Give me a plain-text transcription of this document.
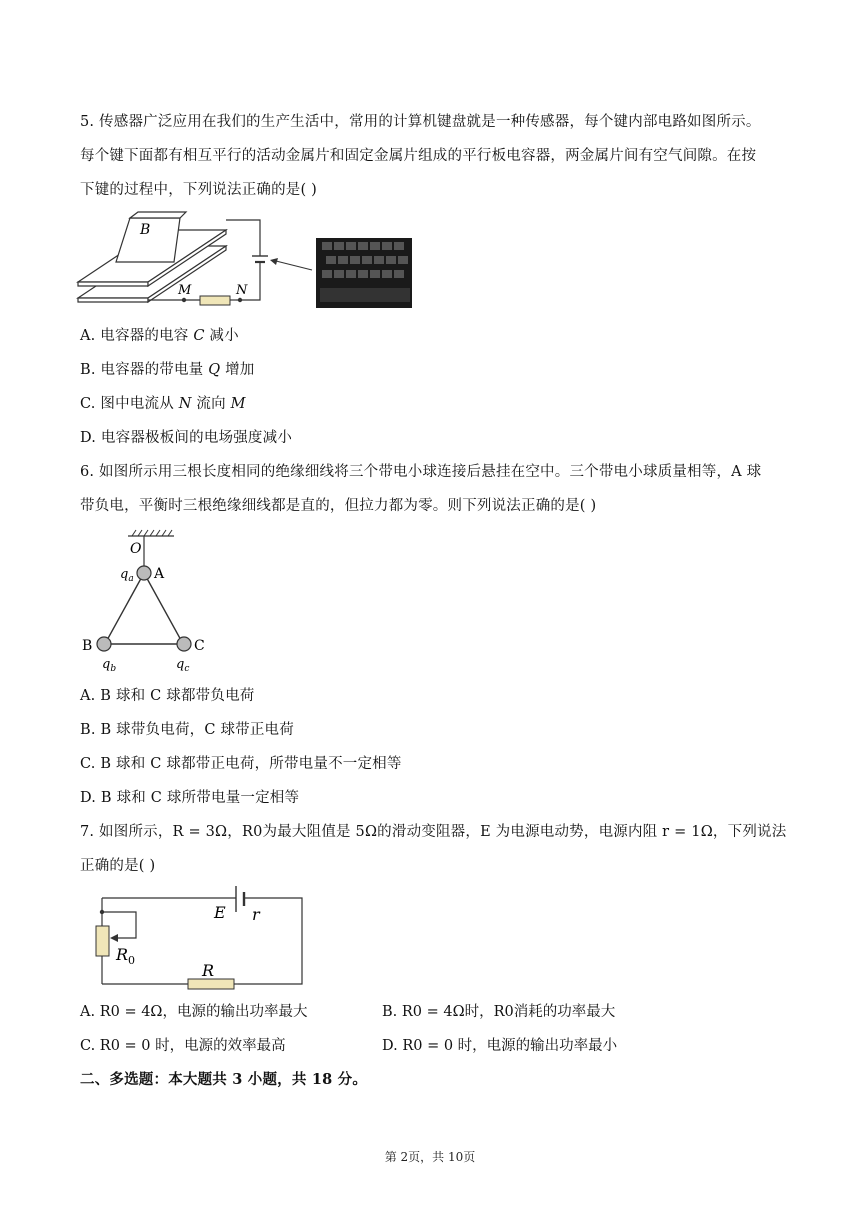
5. 传感器广泛应用在我们的生产生活中，常用的计算机键盘就是一种传感器，每个键内部电路如图所示。
每个键下面都有相互平行的活动金属片和固定金属片组成的平行板电容器，两金属片间有空气间隙。在按
下键的过程中，下列说法正确的是( )
B
M	N
A. 电容器的电容 C 减小
B. 电容器的带电量 Q 增加
C. 图中电流从 N 流向 M
D. 电容器极板间的电场强度减小
6. 如图所示用三根长度相同的绝缘细线将三个带电小球连接后悬挂在空中。三个带电小球质量相等，A 球
带负电，平衡时三根绝缘细线都是直的，但拉力都为零。则下列说法正确的是( )
O
A
B	C
$q_a$
$q_b$	$q_c$
A. B 球和 C 球都带负电荷
B. B 球带负电荷，C 球带正电荷
C. B 球和 C 球都带正电荷，所带电量不一定相等
D. B 球和 C 球所带电量一定相等
7. 如图所示，R = 3Ω，R0为最大阻值是 5Ω的滑动变阻器，E 为电源电动势，电源内阻 r = 1Ω，下列说法
正确的是( )
E r
$R_0$
R
A. R0 = 4Ω，电源的输出功率最大	B. R0 = 4Ω时，R0消耗的功率最大
C. R0 = 0 时，电源的效率最高	D. R0 = 0 时，电源的输出功率最小
二、多选题：本大题共 3 小题，共 18 分。
第 2页，共 10页
